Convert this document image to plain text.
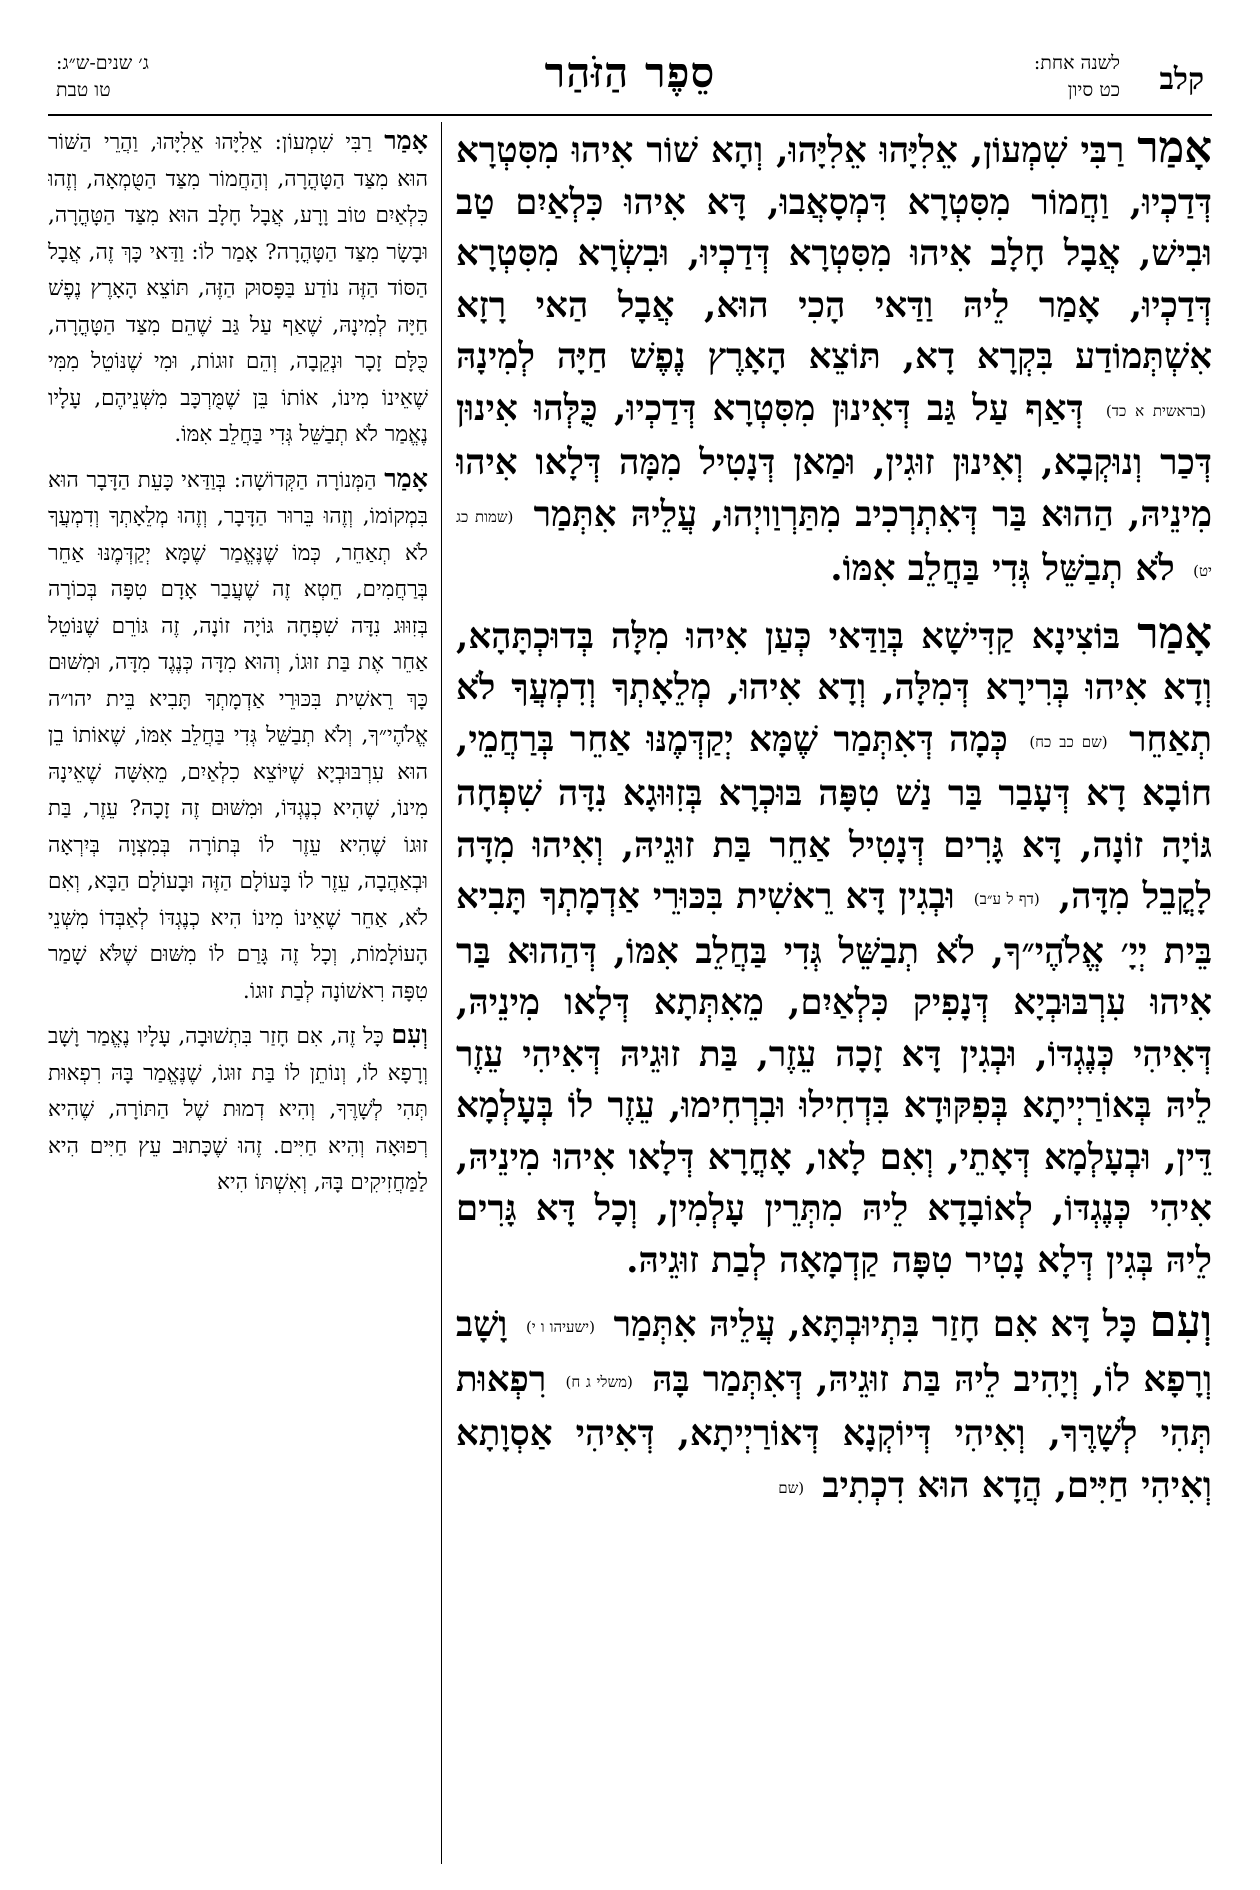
קלב
לשנה אחת:
כט סיון
סֵפֶר הַזֹּהַר
ג׳ שנים-ש״ג:
טו טבת

אָמַר רַבִּי שִׁמְעוֹן, אֵלִיָּהוּ אֵלִיָּהוּ, וְהָא שׁוֹר אִיהוּ מִסִּטְרָא דְּדַכְיוּ, וַחֲמוֹר מִסִּטְרָא דִּמְסָאֲבוּ, דָּא אִיהוּ כִּלְאַיִם טַב וּבִישׁ, אֲבָל חָלָב אִיהוּ מִסִּטְרָא דְּדַכְיוּ, וּבִשְׂרָא מִסִּטְרָא דְּדַכְיוּ, אָמַר לֵיהּ וַדַּאי הָכִי הוּא, אֲבָל הַאי רָזָא אִשְׁתְּמוֹדַע בִּקְרָא דָא, תּוֹצֵא הָאָרֶץ נֶפֶשׁ חַיָּה לְמִינָהּ (בראשית א כד) דְּאַף עַל גַּב דְּאִינוּן מִסִּטְרָא דְּדַכְיוּ, כֻּלְּהוּ אִינוּן דְּכַר וְנוּקְבָא, וְאִינוּן זוּגִין, וּמַאן דְּנָטִיל מִמָּה דְּלָאו אִיהוּ מִינֵיהּ, הַהוּא בַּר דְּאִתְרְכִיב מִתַּרְוַויְהוּ, עֲלֵיהּ אִתְּמַר (שמות כג יט) לֹא תְבַשֵּׁל גְּדִי בַּחֲלֵב אִמּוֹ.

אָמַר בּוֹצִינָא קַדִּישָׁא בְּוַדַּאי כְּעַן אִיהוּ מִלָּה בְּדוּכְתָּהָא, וְדָא אִיהוּ בְּרִירָא דְּמִלָּה, וְדָא אִיהוּ, מְלֵאָתְךָ וְדִמְעֲךָ לֹא תְאַחֵר (שם כב כח) כְּמָה דְּאִתְּמַר שֶׁמָּא יְקַדְּמֶנּוּ אַחֵר בְּרַחֲמֵי, חוֹבָא דָא דְּעָבַר בַּר נַשׁ טִפָּה בּוּכְרָא בְּזִוּוּגָא נִדָּה שִׁפְחָה גּוֹיָה זוֹנָה, דָּא גָּרִים דְּנָטִיל אַחֵר בַּת זוּגֵיהּ, וְאִיהוּ מִדָּה לָקֳבֵל מִדָּה, (דף ל ע״ב) וּבְגִין דָּא רֵאשִׁית בִּכּוּרֵי אַדְמָתְךָ תָּבִיא בֵּית יְיָ׳ אֱלֹהֶי״ךָ, לֹא תְבַשֵּׁל גְּדִי בַּחֲלֵב אִמּוֹ, דְּהַהוּא בַּר אִיהוּ עִרְבּוּבְיָא דְּנָפִיק כִּלְאַיִם, מֵאִתְּתָא דְּלָאו מִינֵיהּ, דְּאִיהִי כְּנֶגְדּוֹ, וּבְגִין דָּא זָכָה עֵזֶר, בַּת זוּגֵיהּ דְּאִיהִי עֵזֶר לֵיהּ בְּאוֹרַיְיתָא בְּפִקּוּדָא בִּדְחִילוּ וּבִרְחִימוּ, עֵזֶר לוֹ בְּעָלְמָא דֵּין, וּבְעָלְמָא דְּאָתֵי, וְאִם לָאו, אָחֳרָא דְּלָאו אִיהוּ מִינֵיהּ, אִיהִי כְּנֶגְדּוֹ, לְאוֹבָדָא לֵיהּ מִתְּרֵין עָלְמִין, וְכָל דָּא גָּרִים לֵיהּ בְּגִין דְּלָא נָטִיר טִפָּה קַדְמָאָה לְבַת זוּגֵיהּ.

וְעִם כָּל דָּא אִם חָזַר בִּתְיוּבְתָּא, עֲלֵיהּ אִתְּמַר (ישעיהו ו י) וָשָׁב וְרָפָא לוֹ, וְיָהִיב לֵיהּ בַּת זוּגֵיהּ, דְּאִתְּמַר בָּהּ (משלי ג ח) רִפְאוּת תְּהִי לְשָׁרֶּךָ, וְאִיהִי דְּיוֹקְנָא דְּאוֹרַיְיתָא, דְּאִיהִי אַסְוָתָא וְאִיהִי חַיִּים, הֲדָא הוּא דִכְתִיב (שם

אָמַר רַבִּי שִׁמְעוֹן: אֵלִיָּהוּ אֵלִיָּהוּ, וַהֲרֵי הַשּׁוֹר הוּא מִצַּד הַטָּהֳרָה, וְהַחֲמוֹר מִצַּד הַטֻּמְאָה, וְזֶהוּ כִּלְאַיִם טוֹב וָרָע, אֲבָל חָלָב הוּא מִצַּד הַטָּהֳרָה, וּבָשָׂר מִצַּד הַטָּהֳרָה? אָמַר לוֹ: וַדַּאי כָּךְ זֶה, אֲבָל הַסּוֹד הַזֶּה נוֹדַע בַּפָּסוּק הַזֶּה, תּוֹצֵא הָאָרֶץ נֶפֶשׁ חַיָּה לְמִינָהּ, שֶׁאַף עַל גַּב שֶׁהֵם מִצַּד הַטָּהֳרָה, כֻּלָּם זָכָר וּנְקֵבָה, וְהֵם זוּגוֹת, וּמִי שֶׁנּוֹטֵל מִמִּי שֶׁאֵינוֹ מִינוֹ, אוֹתוֹ בֵּן שֶׁמֻּרְכָּב מִשְּׁנֵיהֶם, עָלָיו נֶאֱמַר לֹא תְבַשֵּׁל גְּדִי בַּחֲלֵב אִמּוֹ.

אָמַר הַמְּנוֹרָה הַקְּדוֹשָׁה: בְּוַדַּאי כָּעֵת הַדָּבָר הוּא בִּמְקוֹמוֹ, וְזֶהוּ בֵּרוּר הַדָּבָר, וְזֶהוּ מְלֵאָתְךָ וְדִמְעֲךָ לֹא תְאַחֵר, כְּמוֹ שֶׁנֶּאֱמַר שֶׁמָּא יְקַדְּמֶנּוּ אַחֵר בְּרַחֲמִים, חֵטְא זֶה שֶׁעֲבַר אָדָם טִפָּה בְּכוֹרָה בְּזִוּוּג נִדָּה שִׁפְחָה גּוֹיָה זוֹנָה, זֶה גּוֹרֵם שֶׁנּוֹטֵל אַחֵר אֶת בַּת זוּגוֹ, וְהוּא מִדָּה כְּנֶגֶד מִדָּה, וּמִשּׁוּם כָּךְ רֵאשִׁית בִּכּוּרֵי אַדְמָתְךָ תָּבִיא בֵּית יהו״ה אֱלֹהֶי״ךָ, וְלֹא תְבַשֵּׁל גְּדִי בַּחֲלֵב אִמּוֹ, שֶׁאוֹתוֹ בֵן הוּא עִרְבּוּבְיָא שֶׁיּוֹצֵא כִלְאַיִם, מֵאִשָּׁה שֶׁאֵינָהּ מִינוֹ, שֶׁהִיא כְנֶגְדּוֹ, וּמִשּׁוּם זֶה זָכָה? עֵזֶר, בַּת זוּגוֹ שֶׁהִיא עֵזֶר לוֹ בְּתוֹרָה בְּמִצְוָה בְּיִרְאָה וּבְאַהֲבָה, עֵזֶר לוֹ בָּעוֹלָם הַזֶּה וּבָעוֹלָם הַבָּא, וְאִם לֹא, אַחֵר שֶׁאֵינוֹ מִינוֹ הִיא כְנֶגְדּוֹ לְאַבְּדוֹ מִשְּׁנֵי הָעוֹלָמוֹת, וְכָל זֶה גָּרַם לוֹ מִשּׁוּם שֶׁלֹּא שָׁמַר טִפָּה רִאשׁוֹנָה לְבַת זוּגוֹ.

וְעִם כָּל זֶה, אִם חָזַר בִּתְשׁוּבָה, עָלָיו נֶאֱמַר וָשָׁב וְרָפָא לוֹ, וְנוֹתֵן לוֹ בַּת זוּגוֹ, שֶׁנֶּאֱמַר בָּהּ רִפְאוּת תְּהִי לְשָׁרֶּךָ, וְהִיא דְמוּת שֶׁל הַתּוֹרָה, שֶׁהִיא רְפוּאָה וְהִיא חַיִּים. זֶהוּ שֶׁכָּתוּב עֵץ חַיִּים הִיא לַמַּחֲזִיקִים בָּהּ, וְאִשְׁתּוֹ הִיא
